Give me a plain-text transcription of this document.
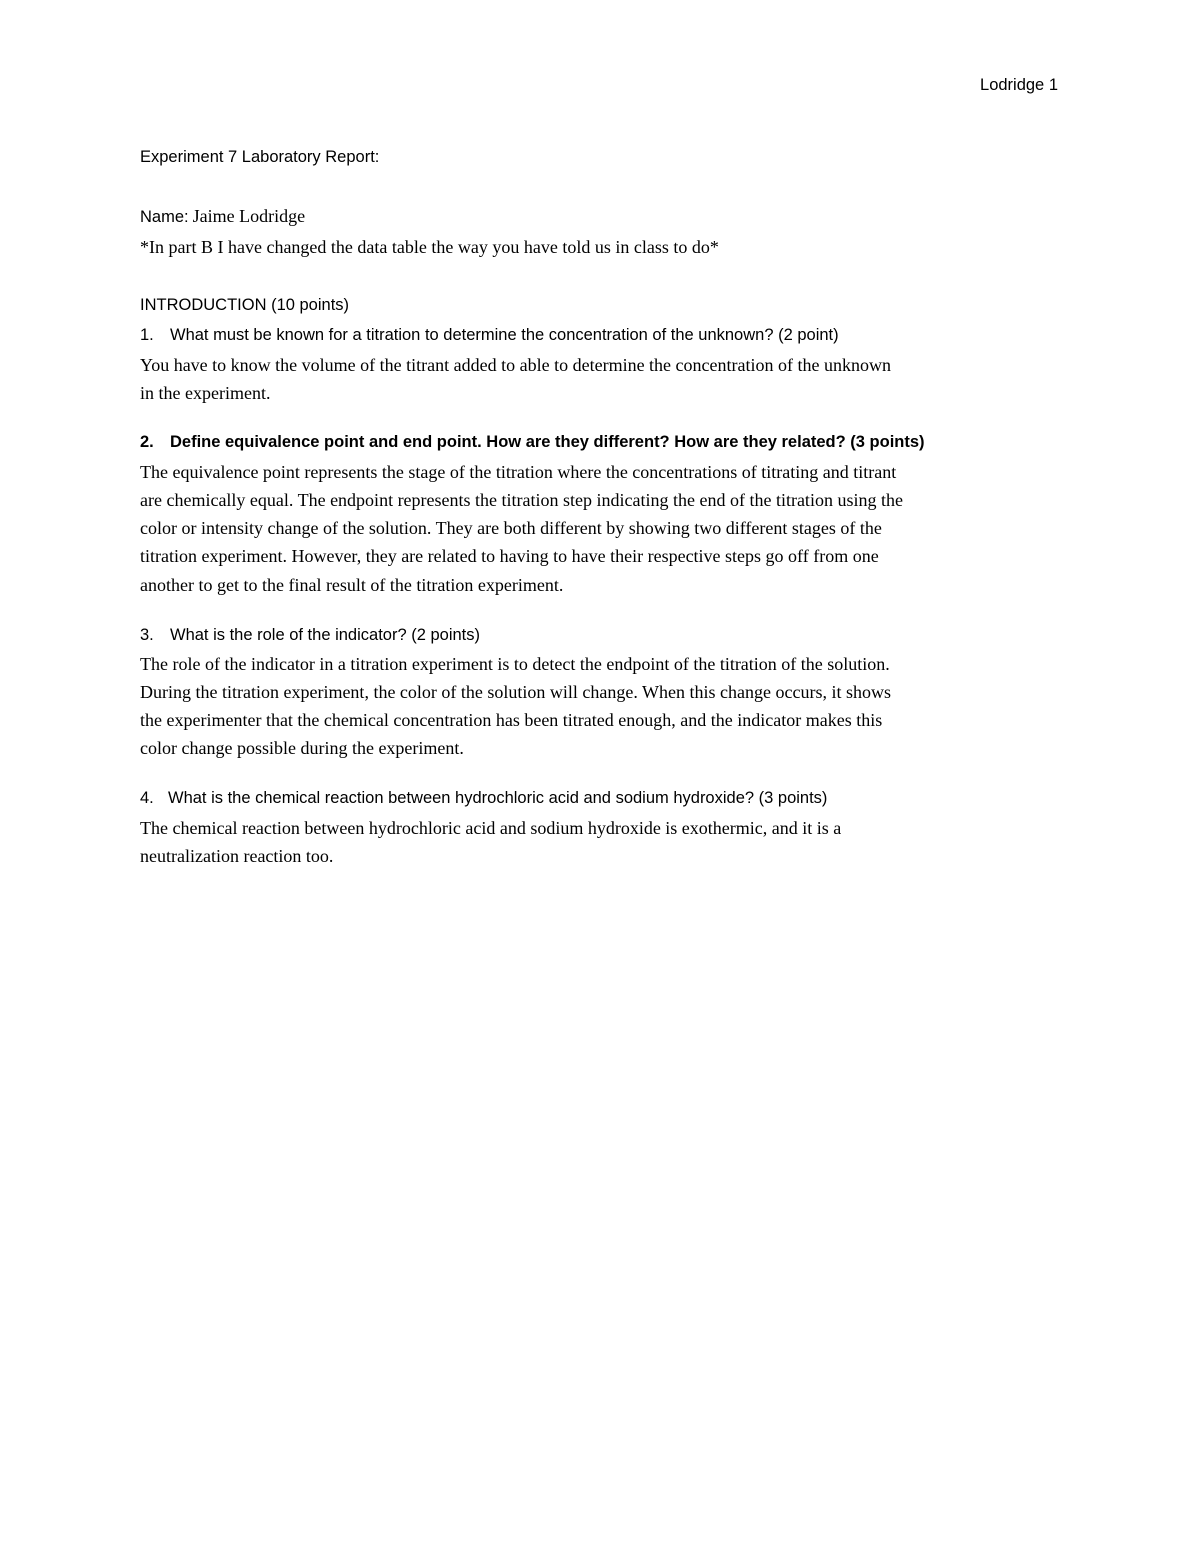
Lodridge 1
Experiment 7 Laboratory Report:
Name: Jaime Lodridge
*In part B I have changed the data table the way you have told us in class to do*
INTRODUCTION (10 points)
1. What must be known for a titration to determine the concentration of the unknown? (2 point)
You have to know the volume of the titrant added to able to determine the concentration of the unknown
in the experiment.
2. Define equivalence point and end point. How are they different? How are they related? (3 points)
The equivalence point represents the stage of the titration where the concentrations of titrating and titrant
are chemically equal. The endpoint represents the titration step indicating the end of the titration using the
color or intensity change of the solution. They are both different by showing two different stages of the
titration experiment. However, they are related to having to have their respective steps go off from one
another to get to the final result of the titration experiment.
3. What is the role of the indicator? (2 points)
The role of the indicator in a titration experiment is to detect the endpoint of the titration of the solution.
During the titration experiment, the color of the solution will change. When this change occurs, it shows
the experimenter that the chemical concentration has been titrated enough, and the indicator makes this
color change possible during the experiment.
4. What is the chemical reaction between hydrochloric acid and sodium hydroxide? (3 points)
The chemical reaction between hydrochloric acid and sodium hydroxide is exothermic, and it is a
neutralization reaction too.
